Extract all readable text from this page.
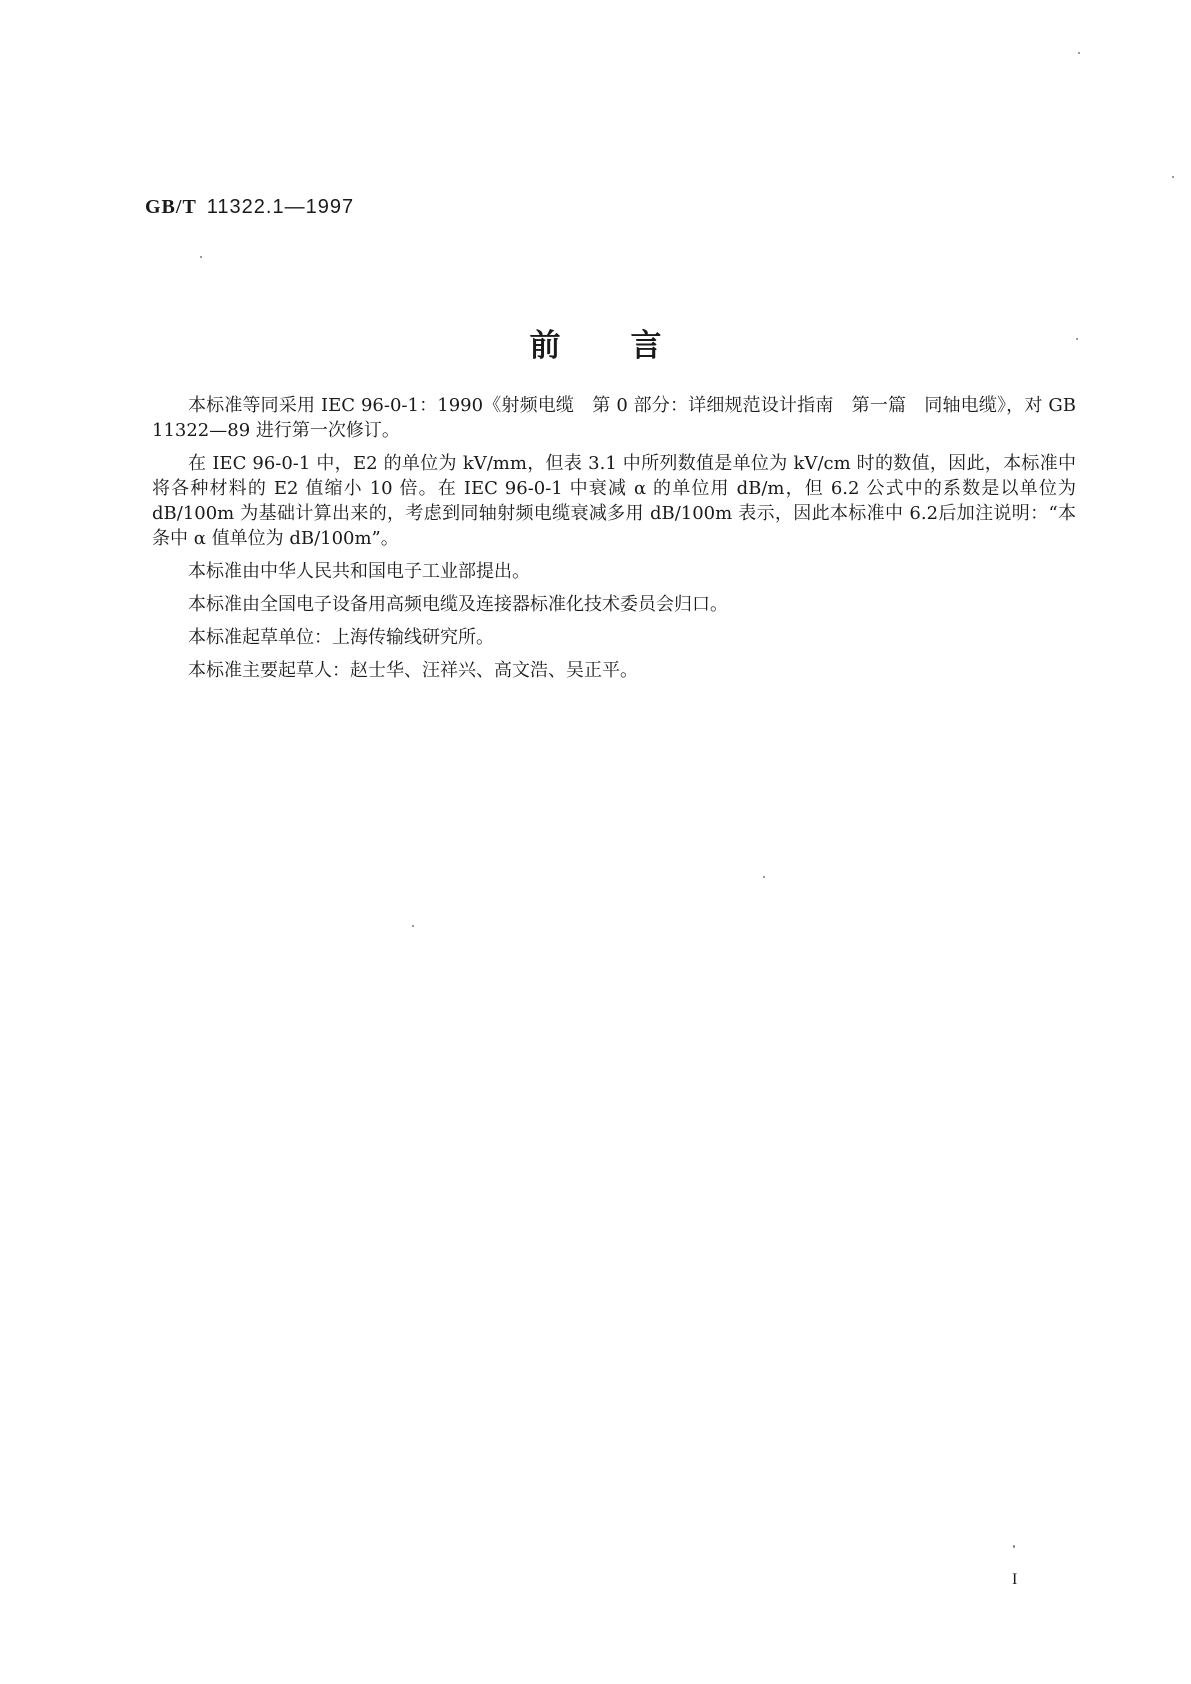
GB/T 11322.1—1997
前言

本标准等同采用 IEC 96-0-1：1990《射频电缆　第 0 部分：详细规范设计指南　第一篇　同轴电缆》，对 GB 11322—89 进行第一次修订。

在 IEC 96-0-1 中，E2 的单位为 kV/mm，但表 3.1 中所列数值是单位为 kV/cm 时的数值，因此，本标准中将各种材料的 E2 值缩小 10 倍。在 IEC 96-0-1 中衰减 α 的单位用 dB/m，但 6.2 公式中的系数是以单位为 dB/100m 为基础计算出来的，考虑到同轴射频电缆衰减多用 dB/100m 表示，因此本标准中 6.2后加注说明：“本条中 α 值单位为 dB/100m”。

本标准由中华人民共和国电子工业部提出。

本标准由全国电子设备用高频电缆及连接器标准化技术委员会归口。

本标准起草单位：上海传输线研究所。

本标准主要起草人：赵士华、汪祥兴、高文浩、吴正平。

I
